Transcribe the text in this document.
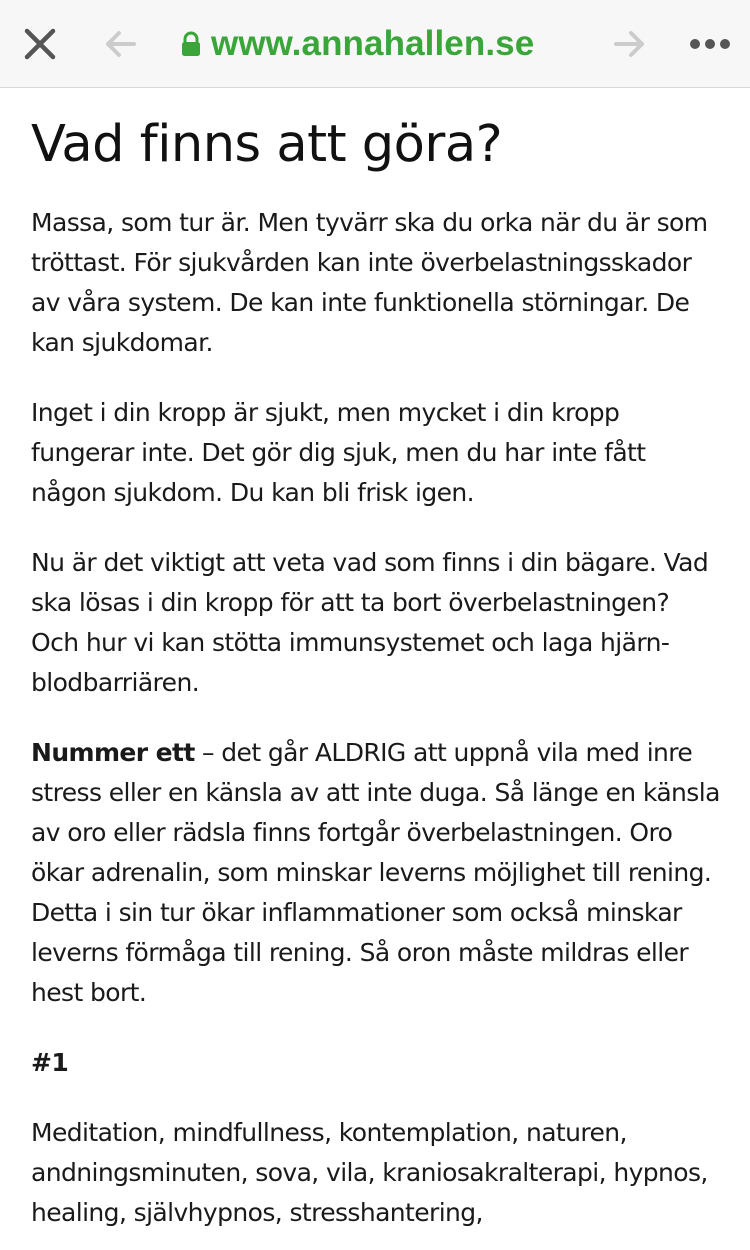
www.annahallen.se
Vad finns att göra?

Massa, som tur är. Men tyvärr ska du orka när du är som tröttast. För sjukvården kan inte överbelastningsskador av våra system. De kan inte funktionella störningar. De kan sjukdomar.

Inget i din kropp är sjukt, men mycket i din kropp fungerar inte. Det gör dig sjuk, men du har inte fått någon sjukdom. Du kan bli frisk igen.

Nu är det viktigt att veta vad som finns i din bägare. Vad ska lösas i din kropp för att ta bort överbelastningen? Och hur vi kan stötta immunsystemet och laga hjärn-blodbarriären.

Nummer ett – det går ALDRIG att uppnå vila med inre stress eller en känsla av att inte duga. Så länge en känsla av oro eller rädsla finns fortgår överbelastningen. Oro ökar adrenalin, som minskar leverns möjlighet till rening. Detta i sin tur ökar inflammationer som också minskar leverns förmåga till rening. Så oron måste mildras eller hest bort.

#1

Meditation, mindfullness, kontemplation, naturen, andningsminuten, sova, vila, kraniosakralterapi, hypnos, healing, självhypnos, stresshantering,
